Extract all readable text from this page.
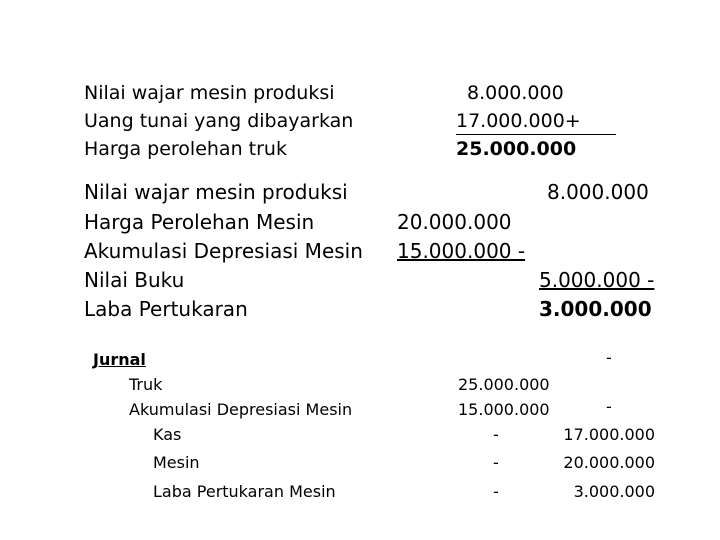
Nilai wajar mesin produksi
Uang tunai yang dibayarkan
Harga perolehan truk
8.000.000
17.000.000+
25.000.000
Nilai wajar mesin produksi
Harga Perolehan Mesin
Akumulasi Depresiasi Mesin
Nilai Buku
Laba Pertukaran
8.000.000
20.000.000
15.000.000 -
5.000.000 -
3.000.000
Jurnal	-
Truk
Akumulasi Depresiasi Mesin
Kas
Mesin
Laba Pertukaran Mesin
25.000.000
15.000.000
-
-
-
-
17.000.000
20.000.000
3.000.000
